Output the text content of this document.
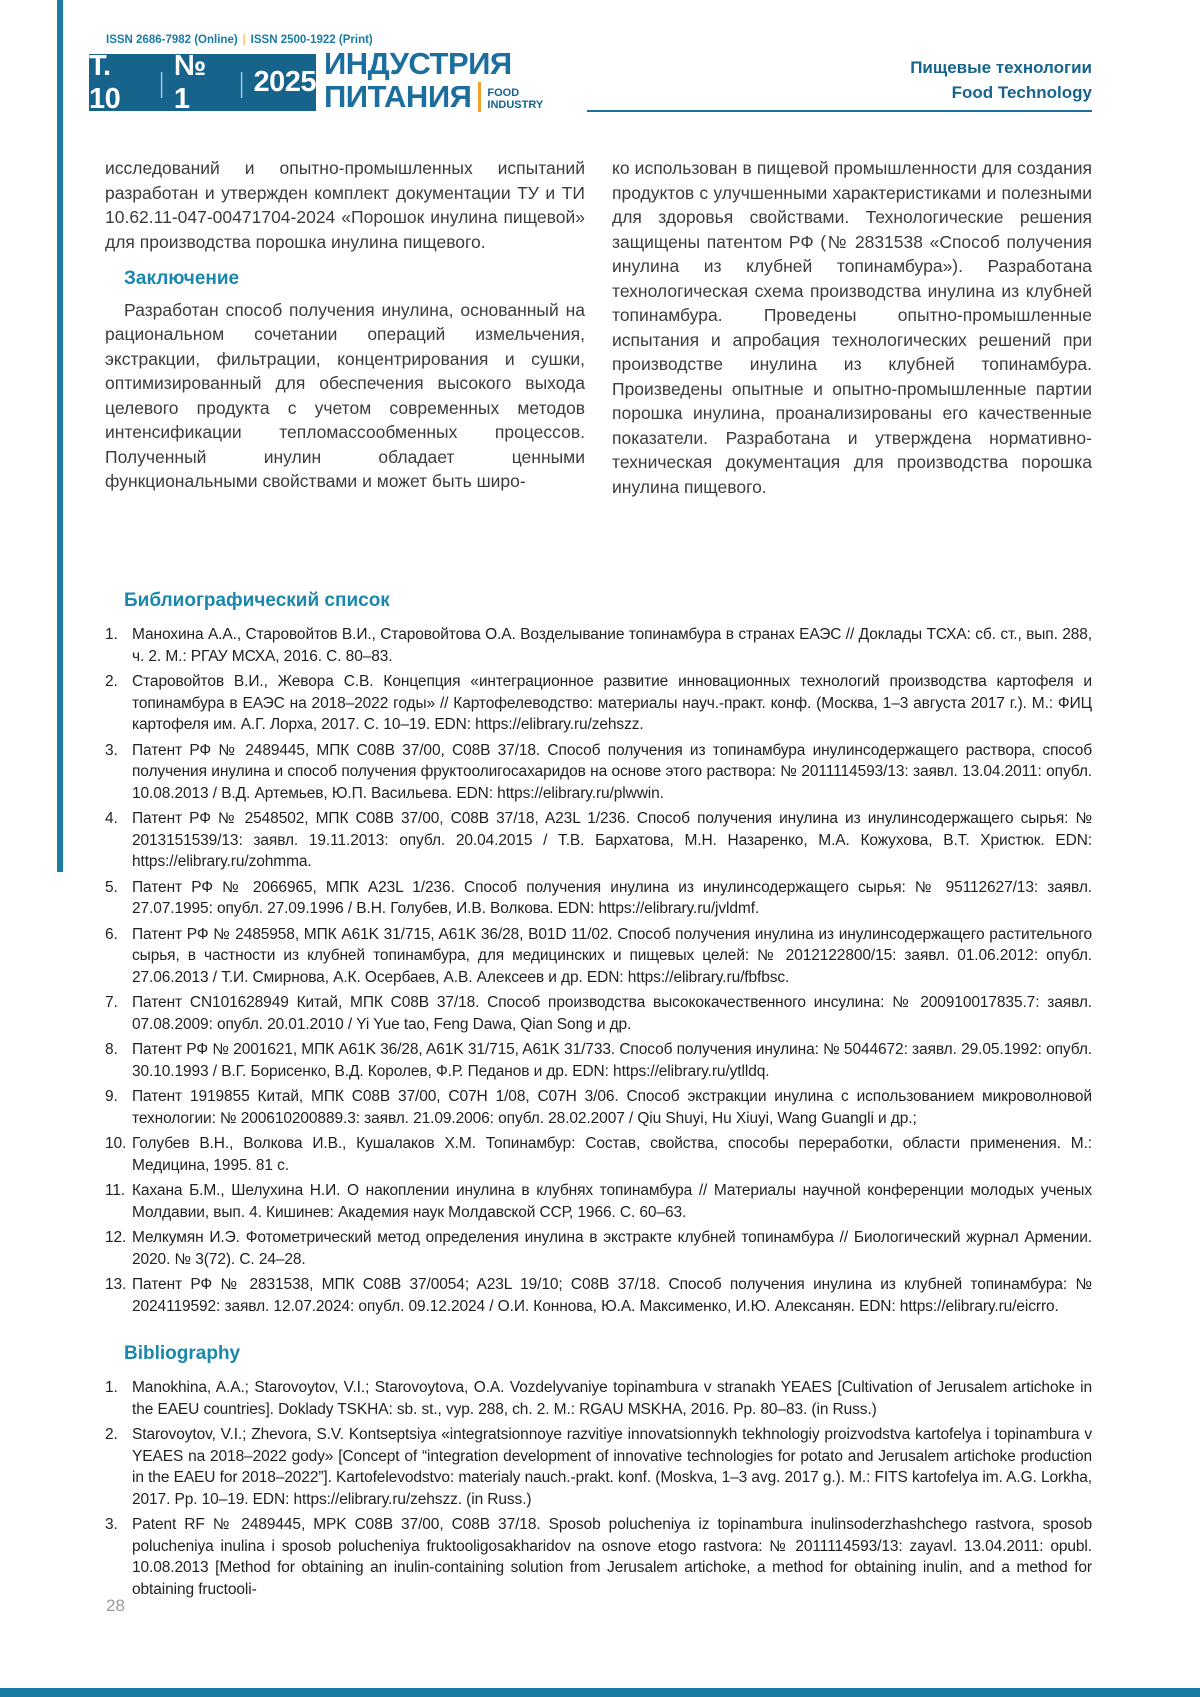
ISSN 2686-7982 (Online) | ISSN 2500-1922 (Print)
Т. 10
|
№ 1
| 2025
ИНДУСТРИЯ
ПИТАНИЯ FOOD
INDUSTRY
Пищевые технологии
Food Technology

исследований и опытно-промышленных испытаний разработан и утвержден комплект документации ТУ и ТИ 10.62.11-047-00471704-2024 «Порошок инулина пищевой» для производства порошка инулина пищевого.

Заключение

Разработан способ получения инулина, основанный на рациональном сочетании операций измельчения, экстракции, фильтрации, концентрирования и сушки, оптимизированный для обеспечения высокого выхода целевого продукта с учетом современных методов интенсификации тепломассообменных процессов. Полученный инулин обладает ценными функциональными свойствами и может быть широ-

ко использован в пищевой промышленности для создания продуктов с улучшенными характеристиками и полезными для здоровья свойствами. Технологические решения защищены патентом РФ (№ 2831538 «Способ получения инулина из клубней топинамбура»). Разработана технологическая схема производства инулина из клубней топинамбура. Проведены опытно-промышленные испытания и апробация технологических решений при производстве инулина из клубней топинамбура. Произведены опытные и опытно-промышленные партии порошка инулина, проанализированы его качественные показатели. Разработана и утверждена нормативно-техническая документация для производства порошка инулина пищевого.

Библиографический список
1. Манохина А.А., Старовойтов В.И., Старовойтова О.А. Возделывание топинамбура в странах ЕАЭС // Доклады ТСХА: сб. ст., вып. 288, ч. 2. М.: РГАУ МСХА, 2016. С. 80–83.
2. Старовойтов В.И., Жевора С.В. Концепция «интеграционное развитие инновационных технологий производства картофеля и топинамбура в ЕАЭС на 2018–2022 годы» // Картофелеводство: материалы науч.-практ. конф. (Москва, 1–3 августа 2017 г.). М.: ФИЦ картофеля им. А.Г. Лорха, 2017. С. 10–19. EDN: https://elibrary.ru/zehszz.
3. Патент РФ № 2489445, МПК C08B 37/00, C08B 37/18. Способ получения из топинамбура инулинсодержащего раствора, способ получения инулина и способ получения фруктоолигосахаридов на основе этого раствора: № 2011114593/13: заявл. 13.04.2011: опубл. 10.08.2013 / В.Д. Артемьев, Ю.П. Васильева. EDN: https://elibrary.ru/plwwin.
4. Патент РФ № 2548502, МПК C08B 37/00, C08B 37/18, A23L 1/236. Способ получения инулина из инулинсодержащего сырья: № 2013151539/13: заявл. 19.11.2013: опубл. 20.04.2015 / Т.В. Бархатова, М.Н. Назаренко, М.А. Кожухова, В.Т. Христюк. EDN: https://elibrary.ru/zohmma.
5. Патент РФ № 2066965, МПК A23L 1/236. Способ получения инулина из инулинсодержащего сырья: № 95112627/13: заявл. 27.07.1995: опубл. 27.09.1996 / В.Н. Голубев, И.В. Волкова. EDN: https://elibrary.ru/jvldmf.
6. Патент РФ № 2485958, МПК A61K 31/715, A61K 36/28, B01D 11/02. Способ получения инулина из инулинсодержащего растительного сырья, в частности из клубней топинамбура, для медицинских и пищевых целей: № 2012122800/15: заявл. 01.06.2012: опубл. 27.06.2013 / Т.И. Смирнова, А.К. Осербаев, А.В. Алексеев и др. EDN: https://elibrary.ru/fbfbsc.
7. Патент CN101628949 Китай, МПК C08B 37/18. Способ производства высококачественного инсулина: № 200910017835.7: заявл. 07.08.2009: опубл. 20.01.2010 / Yi Yue tao, Feng Dawa, Qian Song и др.
8. Патент РФ № 2001621, МПК A61K 36/28, A61K 31/715, A61K 31/733. Способ получения инулина: № 5044672: заявл. 29.05.1992: опубл. 30.10.1993 / В.Г. Борисенко, В.Д. Королев, Ф.Р. Педанов и др. EDN: https://elibrary.ru/ytlldq.
9. Патент 1919855 Китай, МПК C08B 37/00, C07H 1/08, C07H 3/06. Способ экстракции инулина с использованием микроволновой технологии: № 200610200889.3: заявл. 21.09.2006: опубл. 28.02.2007 / Qiu Shuyi, Hu Xiuyi, Wang Guangli и др.;
10. Голубев В.Н., Волкова И.В., Кушалаков Х.М. Топинамбур: Состав, свойства, способы переработки, области применения. М.: Медицина, 1995. 81 с.
11. Кахана Б.М., Шелухина Н.И. О накоплении инулина в клубнях топинамбура // Материалы научной конференции молодых ученых Молдавии, вып. 4. Кишинев: Академия наук Молдавской ССР, 1966. С. 60–63.
12. Мелкумян И.Э. Фотометрический метод определения инулина в экстракте клубней топинамбура // Биологический журнал Армении. 2020. № 3(72). С. 24–28.
13. Патент РФ № 2831538, МПК C08B 37/0054; A23L 19/10; C08B 37/18. Способ получения инулина из клубней топинамбура: № 2024119592: заявл. 12.07.2024: опубл. 09.12.2024 / О.И. Коннова, Ю.А. Максименко, И.Ю. Алексанян. EDN: https://elibrary.ru/eicrro.
Bibliography
1. Manokhina, A.A.; Starovoytov, V.I.; Starovoytova, O.A. Vozdelyvaniye topinambura v stranakh YEAES [Cultivation of Jerusalem artichoke in the EAEU countries]. Doklady TSKHA: sb. st., vyp. 288, ch. 2. M.: RGAU MSKHA, 2016. Pp. 80–83. (in Russ.)
2. Starovoytov, V.I.; Zhevora, S.V. Kontseptsiya «integratsionnoye razvitiye innovatsionnykh tekhnologiy proizvodstva kartofelya i topinambura v YEAES na 2018–2022 gody» [Concept of “integration development of innovative technologies for potato and Jerusalem artichoke production in the EAEU for 2018–2022”]. Kartofelevodstvo: materialy nauch.-prakt. konf. (Moskva, 1–3 avg. 2017 g.). M.: FITS kartofelya im. A.G. Lorkha, 2017. Pp. 10–19. EDN: https://elibrary.ru/zehszz. (in Russ.)
3. Patent RF № 2489445, MPK C08B 37/00, C08B 37/18. Sposob polucheniya iz topinambura inulinsoderzhashchego rastvora, sposob polucheniya inulina i sposob polucheniya fruktooligosakharidov na osnove etogo rastvora: № 2011114593/13: zayavl. 13.04.2011: opubl. 10.08.2013 [Method for obtaining an inulin-containing solution from Jerusalem artichoke, a method for obtaining inulin, and a method for obtaining fructooli-
28
